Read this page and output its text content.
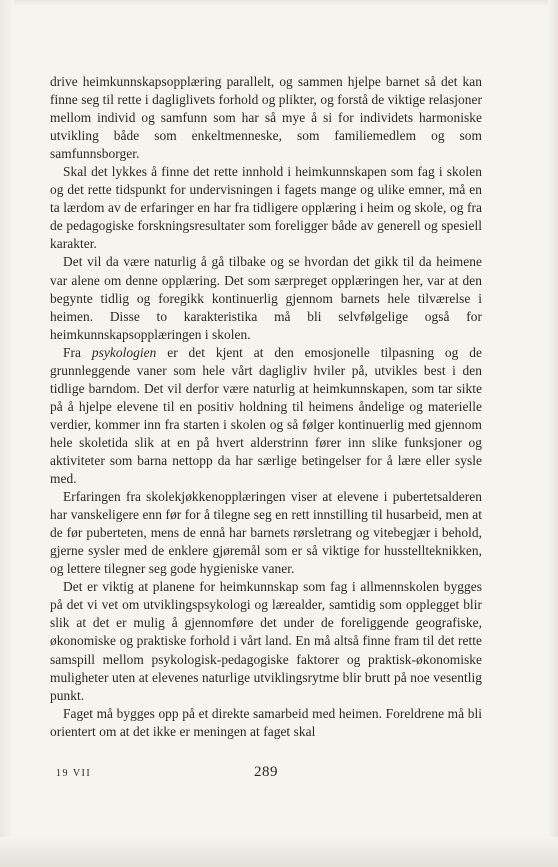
drive heimkunnskapsopplæring parallelt, og sammen hjelpe barnet så det kan finne seg til rette i dagliglivets forhold og plikter, og forstå de viktige relasjoner mellom individ og samfunn som har så mye å si for individets harmoniske utvikling både som enkeltmenneske, som familiemedlem og som samfunnsborger.

Skal det lykkes å finne det rette innhold i heimkunnskapen som fag i skolen og det rette tidspunkt for undervisningen i fagets mange og ulike emner, må en ta lærdom av de erfaringer en har fra tidligere opplæring i heim og skole, og fra de pedagogiske forskningsresultater som foreligger både av generell og spesiell karakter.

Det vil da være naturlig å gå tilbake og se hvordan det gikk til da heimene var alene om denne opplæring. Det som særpreget opplæringen her, var at den begynte tidlig og foregikk kontinuerlig gjennom barnets hele tilværelse i heimen. Disse to karakteristika må bli selvfølgelige også for heimkunnskapsopplæringen i skolen.

Fra psykologien er det kjent at den emosjonelle tilpasning og de grunnleggende vaner som hele vårt dagligliv hviler på, utvikles best i den tidlige barndom. Det vil derfor være naturlig at heimkunnskapen, som tar sikte på å hjelpe elevene til en positiv holdning til heimens åndelige og materielle verdier, kommer inn fra starten i skolen og så følger kontinuerlig med gjennom hele skoletida slik at en på hvert alderstrinn fører inn slike funksjoner og aktiviteter som barna nettopp da har særlige betingelser for å lære eller sysle med.

Erfaringen fra skolekjøkkenopplæringen viser at elevene i pubertetsalderen har vanskeligere enn før for å tilegne seg en rett innstilling til husarbeid, men at de før puberteten, mens de ennå har barnets rørsletrang og vitebegjær i behold, gjerne sysler med de enklere gjøremål som er så viktige for husstellteknikken, og lettere tilegner seg gode hygieniske vaner.

Det er viktig at planene for heimkunnskap som fag i allmennskolen bygges på det vi vet om utviklingspsykologi og lærealder, samtidig som opplegget blir slik at det er mulig å gjennomføre det under de foreliggende geografiske, økonomiske og praktiske forhold i vårt land. En må altså finne fram til det rette samspill mellom psykologisk-pedagogiske faktorer og praktisk-økonomiske muligheter uten at elevenes naturlige utviklingsrytme blir brutt på noe vesentlig punkt.

Faget må bygges opp på et direkte samarbeid med heimen. Foreldrene må bli orientert om at det ikke er meningen at faget skal

19 VII	289
